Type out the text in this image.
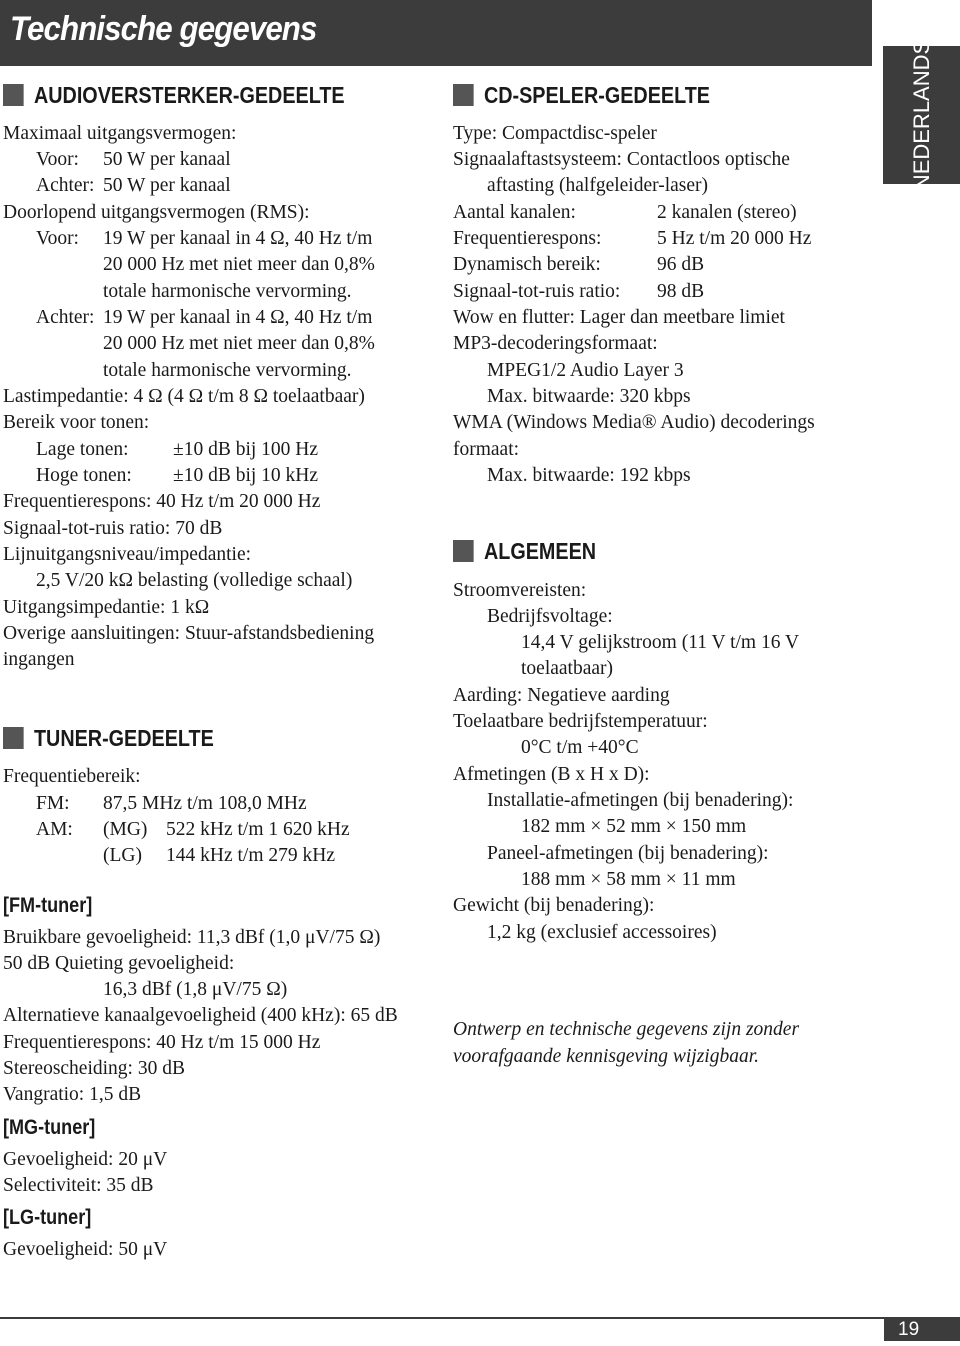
Technische gegevens
NEDERLANDS
AUDIOVERSTERKER-GEDEELTE
Maximaal uitgangsvermogen:
Voor: 50 W per kanaal
Achter: 50 W per kanaal
Doorlopend uitgangsvermogen (RMS):
Voor: 19 W per kanaal in 4 Ω, 40 Hz t/m
20 000 Hz met niet meer dan 0,8%
totale harmonische vervorming.
Achter: 19 W per kanaal in 4 Ω, 40 Hz t/m
20 000 Hz met niet meer dan 0,8%
totale harmonische vervorming.
Lastimpedantie: 4 Ω (4 Ω t/m 8 Ω toelaatbaar)
Bereik voor tonen:
Lage tonen: ±10 dB bij 100 Hz
Hoge tonen: ±10 dB bij 10 kHz
Frequentierespons: 40 Hz t/m 20 000 Hz
Signaal-tot-ruis ratio: 70 dB
Lijnuitgangsniveau/impedantie:
2,5 V/20 kΩ belasting (volledige schaal)
Uitgangsimpedantie: 1 kΩ
Overige aansluitingen: Stuur-afstandsbediening
ingangen
TUNER-GEDEELTE
Frequentiebereik:
FM: 87,5 MHz t/m 108,0 MHz
AM: (MG) 522 kHz t/m 1 620 kHz
(LG) 144 kHz t/m 279 kHz
[FM-tuner]
Bruikbare gevoeligheid: 11,3 dBf (1,0 μV/75 Ω)
50 dB Quieting gevoeligheid:
16,3 dBf (1,8 μV/75 Ω)
Alternatieve kanaalgevoeligheid (400 kHz): 65 dB
Frequentierespons: 40 Hz t/m 15 000 Hz
Stereoscheiding: 30 dB
Vangratio: 1,5 dB
[MG-tuner]
Gevoeligheid: 20 μV
Selectiviteit: 35 dB
[LG-tuner]
Gevoeligheid: 50 μV
CD-SPELER-GEDEELTE
Type: Compactdisc-speler
Signaalaftastsysteem: Contactloos optische
aftasting (halfgeleider-laser)
Aantal kanalen:	2 kanalen (stereo)
Frequentierespons:	5 Hz t/m 20 000 Hz
Dynamisch bereik:	96 dB
Signaal-tot-ruis ratio: 98 dB
Wow en flutter: Lager dan meetbare limiet
MP3-decoderingsformaat:
MPEG1/2 Audio Layer 3
Max. bitwaarde: 320 kbps
WMA (Windows Media® Audio) decoderings
formaat:
Max. bitwaarde: 192 kbps
ALGEMEEN
Stroomvereisten:
Bedrijfsvoltage:
14,4 V gelijkstroom (11 V t/m 16 V
toelaatbaar)
Aarding: Negatieve aarding
Toelaatbare bedrijfstemperatuur:
0°C t/m +40°C
Afmetingen (B x H x D):
Installatie-afmetingen (bij benadering):
182 mm × 52 mm × 150 mm
Paneel-afmetingen (bij benadering):
188 mm × 58 mm × 11 mm
Gewicht (bij benadering):
1,2 kg (exclusief accessoires)
Ontwerp en technische gegevens zijn zonder
voorafgaande kennisgeving wijzigbaar.
19
